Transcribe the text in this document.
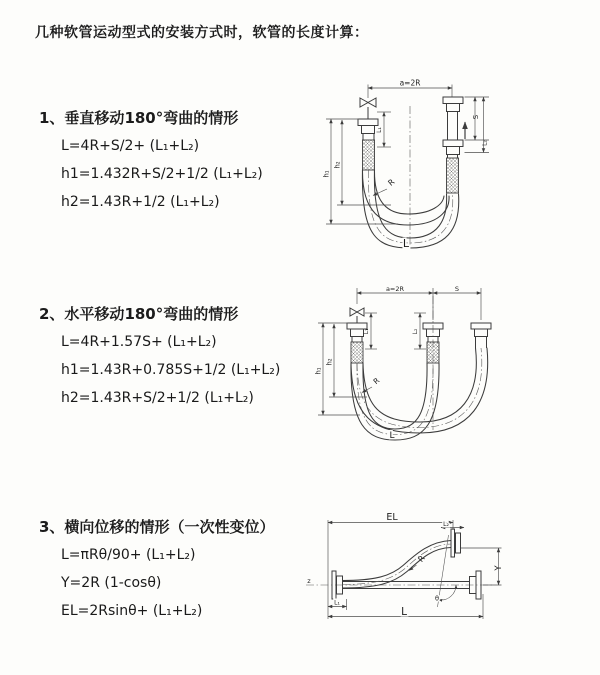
几种软管运动型式的安装方式时，软管的长度计算：
1、垂直移动180°弯曲的情形
L=4R+S/2+ (L₁+L₂)
h1=1.432R+S/2+1/2 (L₁+L₂)
h2=1.43R+1/2 (L₁+L₂)
2、水平移动180°弯曲的情形
L=4R+1.57S+ (L₁+L₂)
h1=1.43R+0.785S+1/2 (L₁+L₂)
h2=1.43R+S/2+1/2 (L₁+L₂)
3、横向位移的情形（一次性变位）
L=πRθ/90+ (L₁+L₂)
Y=2R (1-cosθ)
EL=2Rsinθ+ (L₁+L₂)
a=2R
h₁
h₂
L₁
S
L₂
R
L
a=2R	S
h₁
h₂
L₁	L₂
R
L
EL
L₂
z
R
θ
Y
L₁
L
